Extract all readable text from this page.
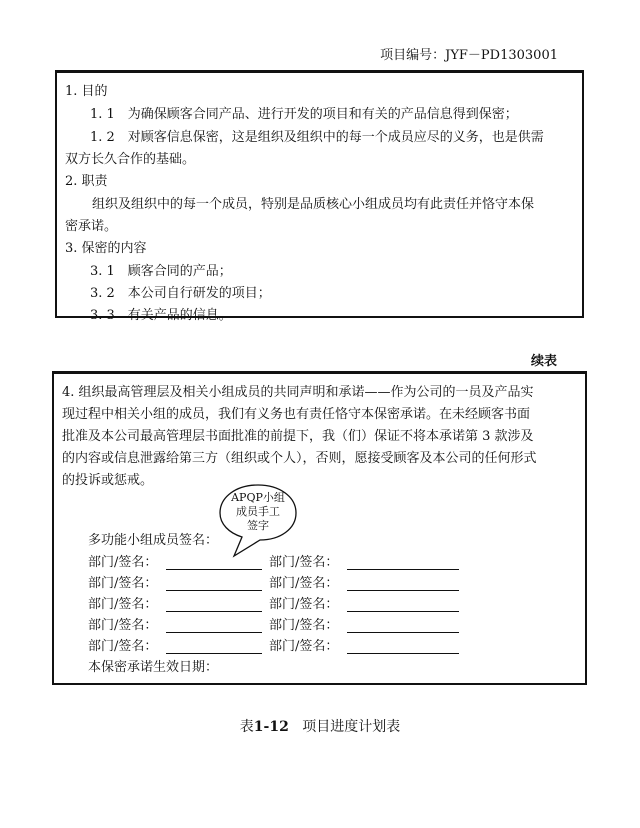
项目编号：JYF－PD1303001
1. 目的
1. 1　为确保顾客合同产品、进行开发的项目和有关的产品信息得到保密；
1. 2　对顾客信息保密，这是组织及组织中的每一个成员应尽的义务，也是供需
双方长久合作的基础。
2. 职责
组织及组织中的每一个成员，特别是品质核心小组成员均有此责任并恪守本保
密承诺。
3. 保密的内容
3. 1　顾客合同的产品；
3. 2　本公司自行研发的项目；
3. 3　有关产品的信息。
续表
4. 组织最高管理层及相关小组成员的共同声明和承诺——作为公司的一员及产品实
现过程中相关小组的成员，我们有义务也有责任恪守本保密承诺。在未经顾客书面
批准及本公司最高管理层书面批准的前提下，我（们）保证不将本承诺第 3 款涉及
的内容或信息泄露给第三方（组织或个人），否则，愿接受顾客及本公司的任何形式
的投诉或惩戒。
多功能小组成员签名：
部门/签名：	部门/签名：
部门/签名：	部门/签名：
部门/签名：	部门/签名：
部门/签名：	部门/签名：
部门/签名：	部门/签名：
本保密承诺生效日期：
APQP小组
成员手工
签字
表1-12 项目进度计划表
